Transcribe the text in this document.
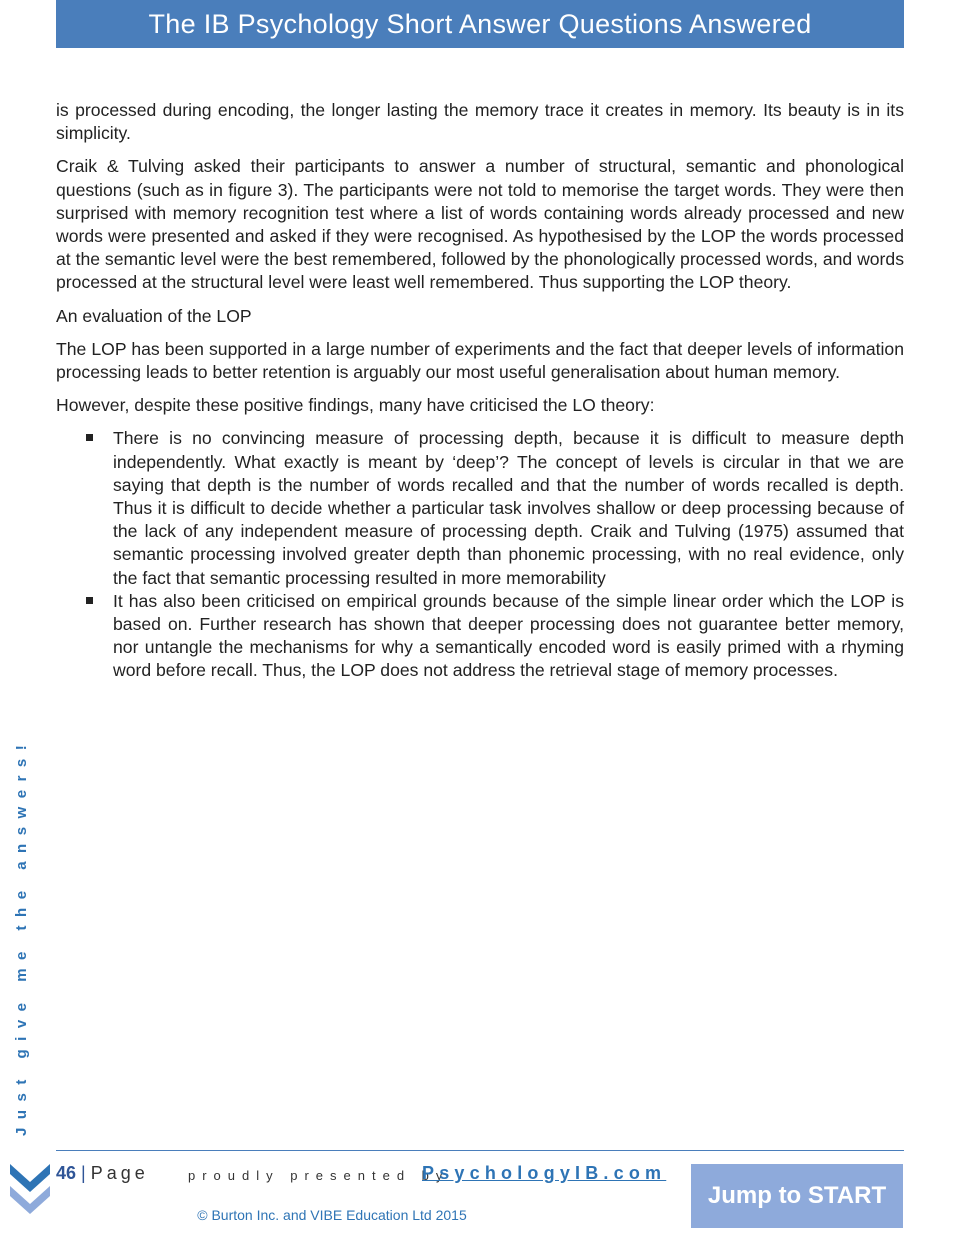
The IB Psychology Short Answer Questions Answered

is processed during encoding, the longer lasting the memory trace it creates in memory. Its beauty is in its simplicity.

Craik & Tulving asked their participants to answer a number of structural, semantic and phonological questions (such as in figure 3). The participants were not told to memorise the target words. They were then surprised with memory recognition test where a list of words containing words already processed and new words were presented and asked if they were recognised. As hypothesised by the LOP the words processed at the semantic level were the best remembered, followed by the phonologically processed words, and words processed at the structural level were least well remembered. Thus supporting the LOP theory.

An evaluation of the LOP

The LOP has been supported in a large number of experiments and the fact that deeper levels of information processing leads to better retention is arguably our most useful generalisation about human memory.

However, despite these positive findings, many have criticised the LO theory:

There is no convincing measure of processing depth, because it is difficult to measure depth independently. What exactly is meant by ‘deep’? The concept of levels is circular in that we are saying that depth is the number of words recalled and that the number of words recalled is depth. Thus it is difficult to decide whether a particular task involves shallow or deep processing because of the lack of any independent measure of processing depth. Craik and Tulving (1975) assumed that semantic processing involved greater depth than phonemic processing, with no real evidence, only the fact that semantic processing resulted in more memorability
It has also been criticised on empirical grounds because of the simple linear order which the LOP is based on. Further research has shown that deeper processing does not guarantee better memory, nor untangle the mechanisms for why a semantically encoded word is easily primed with a rhyming word before recall. Thus, the LOP does not address the retrieval stage of memory processes.
Just give me the answers!
46 | Page	proudly presented by
PsychologyIB.com
© Burton Inc. and VIBE Education Ltd 2015
Jump to START
